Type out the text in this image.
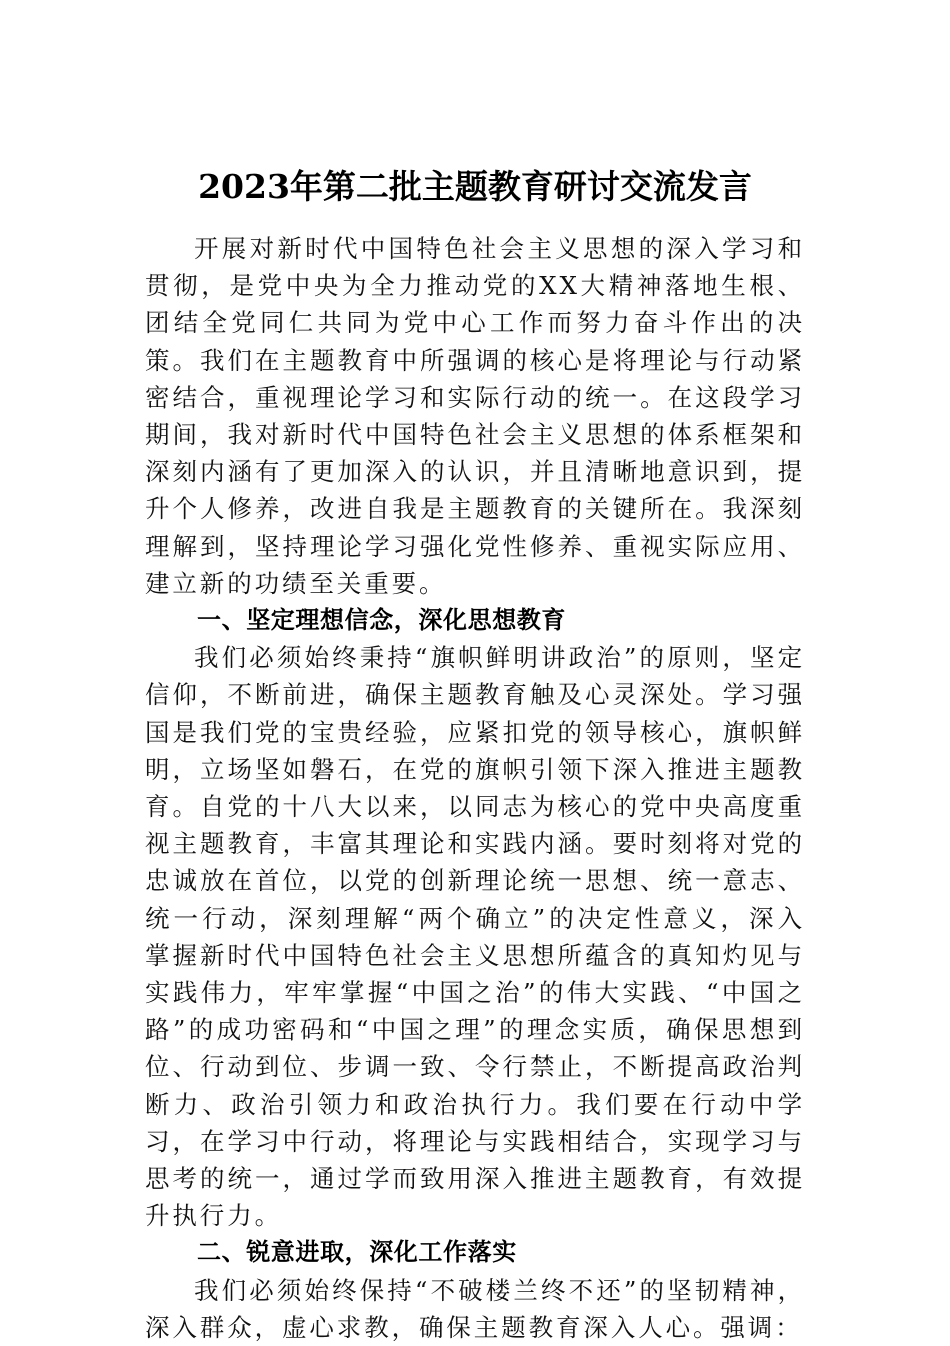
2023年第二批主题教育研讨交流发言

开展对新时代中国特色社会主义思想的深入学习和贯彻，是党中央为全力推动党的XX大精神落地生根、团结全党同仁共同为党中心工作而努力奋斗作出的决策。我们在主题教育中所强调的核心是将理论与行动紧密结合，重视理论学习和实际行动的统一。在这段学习期间，我对新时代中国特色社会主义思想的体系框架和深刻内涵有了更加深入的认识，并且清晰地意识到，提升个人修养，改进自我是主题教育的关键所在。我深刻理解到，坚持理论学习强化党性修养、重视实际应用、建立新的功绩至关重要。

一、坚定理想信念，深化思想教育

我们必须始终秉持“旗帜鲜明讲政治”的原则，坚定信仰，不断前进，确保主题教育触及心灵深处。学习强国是我们党的宝贵经验，应紧扣党的领导核心，旗帜鲜明，立场坚如磐石，在党的旗帜引领下深入推进主题教育。自党的十八大以来，以同志为核心的党中央高度重视主题教育，丰富其理论和实践内涵。要时刻将对党的忠诚放在首位，以党的创新理论统一思想、统一意志、统一行动，深刻理解“两个确立”的决定性意义，深入掌握新时代中国特色社会主义思想所蕴含的真知灼见与实践伟力，牢牢掌握“中国之治”的伟大实践、“中国之路”的成功密码和“中国之理”的理念实质，确保思想到位、行动到位、步调一致、令行禁止，不断提高政治判断力、政治引领力和政治执行力。我们要在行动中学习，在学习中行动，将理论与实践相结合，实现学习与思考的统一，通过学而致用深入推进主题教育，有效提升执行力。

二、锐意进取，深化工作落实

我们必须始终保持“不破楼兰终不还”的坚韧精神，深入群众，虚心求教，确保主题教育深入人心。强调：
